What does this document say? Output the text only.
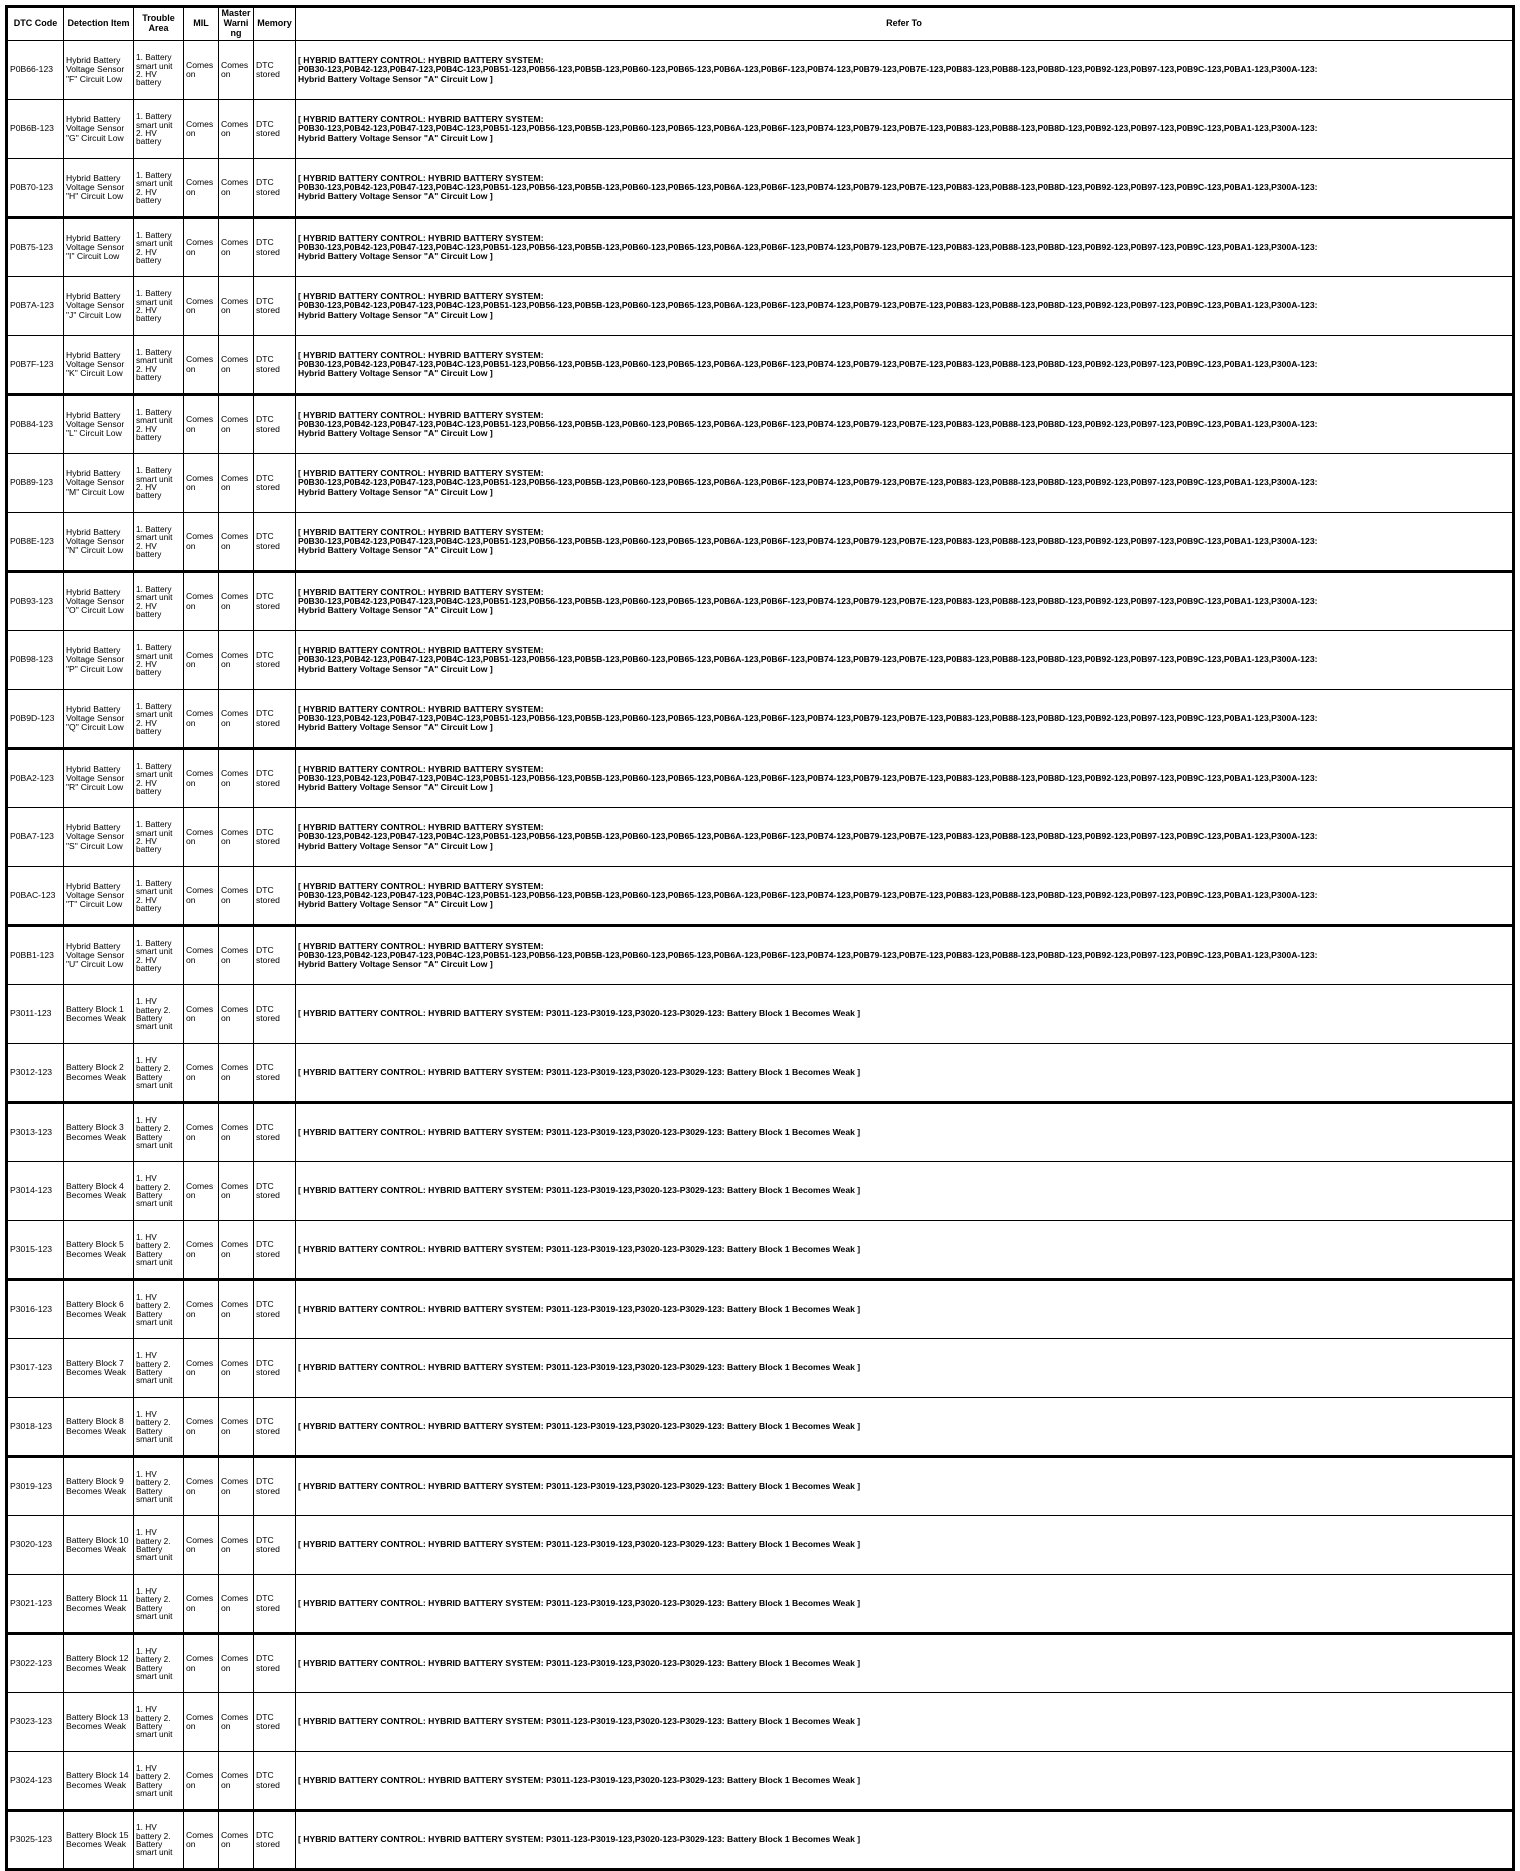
DTC Code	Detection Item	Trouble Area	MIL	Master Warning	Memory	Refer To
P0B66-123	Hybrid Battery Voltage Sensor "F" Circuit Low	1. Battery smart unit 2. HV battery	Comes on	Comes on	DTC stored	[ HYBRID BATTERY CONTROL: HYBRID BATTERY SYSTEM:
P0B30-123,P0B42-123,P0B47-123,P0B4C-123,P0B51-123,P0B56-123,P0B5B-123,P0B60-123,P0B65-123,P0B6A-123,P0B6F-123,P0B74-123,P0B79-123,P0B7E-123,P0B83-123,P0B88-123,P0B8D-123,P0B92-123,P0B97-123,P0B9C-123,P0BA1-123,P300A-123:
Hybrid Battery Voltage Sensor "A" Circuit Low ]

P0B6B-123	Hybrid Battery Voltage Sensor "G" Circuit Low	1. Battery smart unit 2. HV battery	Comes on	Comes on	DTC stored	[ HYBRID BATTERY CONTROL: HYBRID BATTERY SYSTEM:
P0B30-123,P0B42-123,P0B47-123,P0B4C-123,P0B51-123,P0B56-123,P0B5B-123,P0B60-123,P0B65-123,P0B6A-123,P0B6F-123,P0B74-123,P0B79-123,P0B7E-123,P0B83-123,P0B88-123,P0B8D-123,P0B92-123,P0B97-123,P0B9C-123,P0BA1-123,P300A-123:
Hybrid Battery Voltage Sensor "A" Circuit Low ]

P0B70-123	Hybrid Battery Voltage Sensor "H" Circuit Low	1. Battery smart unit 2. HV battery	Comes on	Comes on	DTC stored	[ HYBRID BATTERY CONTROL: HYBRID BATTERY SYSTEM:
P0B30-123,P0B42-123,P0B47-123,P0B4C-123,P0B51-123,P0B56-123,P0B5B-123,P0B60-123,P0B65-123,P0B6A-123,P0B6F-123,P0B74-123,P0B79-123,P0B7E-123,P0B83-123,P0B88-123,P0B8D-123,P0B92-123,P0B97-123,P0B9C-123,P0BA1-123,P300A-123:
Hybrid Battery Voltage Sensor "A" Circuit Low ]

P0B75-123	Hybrid Battery Voltage Sensor "I" Circuit Low	1. Battery smart unit 2. HV battery	Comes on	Comes on	DTC stored	[ HYBRID BATTERY CONTROL: HYBRID BATTERY SYSTEM:
P0B30-123,P0B42-123,P0B47-123,P0B4C-123,P0B51-123,P0B56-123,P0B5B-123,P0B60-123,P0B65-123,P0B6A-123,P0B6F-123,P0B74-123,P0B79-123,P0B7E-123,P0B83-123,P0B88-123,P0B8D-123,P0B92-123,P0B97-123,P0B9C-123,P0BA1-123,P300A-123:
Hybrid Battery Voltage Sensor "A" Circuit Low ]

P0B7A-123	Hybrid Battery Voltage Sensor "J" Circuit Low	1. Battery smart unit 2. HV battery	Comes on	Comes on	DTC stored	[ HYBRID BATTERY CONTROL: HYBRID BATTERY SYSTEM:
P0B30-123,P0B42-123,P0B47-123,P0B4C-123,P0B51-123,P0B56-123,P0B5B-123,P0B60-123,P0B65-123,P0B6A-123,P0B6F-123,P0B74-123,P0B79-123,P0B7E-123,P0B83-123,P0B88-123,P0B8D-123,P0B92-123,P0B97-123,P0B9C-123,P0BA1-123,P300A-123:
Hybrid Battery Voltage Sensor "A" Circuit Low ]

P0B7F-123	Hybrid Battery Voltage Sensor "K" Circuit Low	1. Battery smart unit 2. HV battery	Comes on	Comes on	DTC stored	[ HYBRID BATTERY CONTROL: HYBRID BATTERY SYSTEM:
P0B30-123,P0B42-123,P0B47-123,P0B4C-123,P0B51-123,P0B56-123,P0B5B-123,P0B60-123,P0B65-123,P0B6A-123,P0B6F-123,P0B74-123,P0B79-123,P0B7E-123,P0B83-123,P0B88-123,P0B8D-123,P0B92-123,P0B97-123,P0B9C-123,P0BA1-123,P300A-123:
Hybrid Battery Voltage Sensor "A" Circuit Low ]

P0B84-123	Hybrid Battery Voltage Sensor "L" Circuit Low	1. Battery smart unit 2. HV battery	Comes on	Comes on	DTC stored	[ HYBRID BATTERY CONTROL: HYBRID BATTERY SYSTEM:
P0B30-123,P0B42-123,P0B47-123,P0B4C-123,P0B51-123,P0B56-123,P0B5B-123,P0B60-123,P0B65-123,P0B6A-123,P0B6F-123,P0B74-123,P0B79-123,P0B7E-123,P0B83-123,P0B88-123,P0B8D-123,P0B92-123,P0B97-123,P0B9C-123,P0BA1-123,P300A-123:
Hybrid Battery Voltage Sensor "A" Circuit Low ]

P0B89-123	Hybrid Battery Voltage Sensor "M" Circuit Low	1. Battery smart unit 2. HV battery	Comes on	Comes on	DTC stored	[ HYBRID BATTERY CONTROL: HYBRID BATTERY SYSTEM:
P0B30-123,P0B42-123,P0B47-123,P0B4C-123,P0B51-123,P0B56-123,P0B5B-123,P0B60-123,P0B65-123,P0B6A-123,P0B6F-123,P0B74-123,P0B79-123,P0B7E-123,P0B83-123,P0B88-123,P0B8D-123,P0B92-123,P0B97-123,P0B9C-123,P0BA1-123,P300A-123:
Hybrid Battery Voltage Sensor "A" Circuit Low ]

P0B8E-123	Hybrid Battery Voltage Sensor "N" Circuit Low	1. Battery smart unit 2. HV battery	Comes on	Comes on	DTC stored	[ HYBRID BATTERY CONTROL: HYBRID BATTERY SYSTEM:
P0B30-123,P0B42-123,P0B47-123,P0B4C-123,P0B51-123,P0B56-123,P0B5B-123,P0B60-123,P0B65-123,P0B6A-123,P0B6F-123,P0B74-123,P0B79-123,P0B7E-123,P0B83-123,P0B88-123,P0B8D-123,P0B92-123,P0B97-123,P0B9C-123,P0BA1-123,P300A-123:
Hybrid Battery Voltage Sensor "A" Circuit Low ]

P0B93-123	Hybrid Battery Voltage Sensor "O" Circuit Low	1. Battery smart unit 2. HV battery	Comes on	Comes on	DTC stored	[ HYBRID BATTERY CONTROL: HYBRID BATTERY SYSTEM:
P0B30-123,P0B42-123,P0B47-123,P0B4C-123,P0B51-123,P0B56-123,P0B5B-123,P0B60-123,P0B65-123,P0B6A-123,P0B6F-123,P0B74-123,P0B79-123,P0B7E-123,P0B83-123,P0B88-123,P0B8D-123,P0B92-123,P0B97-123,P0B9C-123,P0BA1-123,P300A-123:
Hybrid Battery Voltage Sensor "A" Circuit Low ]

P0B98-123	Hybrid Battery Voltage Sensor "P" Circuit Low	1. Battery smart unit 2. HV battery	Comes on	Comes on	DTC stored	[ HYBRID BATTERY CONTROL: HYBRID BATTERY SYSTEM:
P0B30-123,P0B42-123,P0B47-123,P0B4C-123,P0B51-123,P0B56-123,P0B5B-123,P0B60-123,P0B65-123,P0B6A-123,P0B6F-123,P0B74-123,P0B79-123,P0B7E-123,P0B83-123,P0B88-123,P0B8D-123,P0B92-123,P0B97-123,P0B9C-123,P0BA1-123,P300A-123:
Hybrid Battery Voltage Sensor "A" Circuit Low ]

P0B9D-123	Hybrid Battery Voltage Sensor "Q" Circuit Low	1. Battery smart unit 2. HV battery	Comes on	Comes on	DTC stored	[ HYBRID BATTERY CONTROL: HYBRID BATTERY SYSTEM:
P0B30-123,P0B42-123,P0B47-123,P0B4C-123,P0B51-123,P0B56-123,P0B5B-123,P0B60-123,P0B65-123,P0B6A-123,P0B6F-123,P0B74-123,P0B79-123,P0B7E-123,P0B83-123,P0B88-123,P0B8D-123,P0B92-123,P0B97-123,P0B9C-123,P0BA1-123,P300A-123:
Hybrid Battery Voltage Sensor "A" Circuit Low ]

P0BA2-123	Hybrid Battery Voltage Sensor "R" Circuit Low	1. Battery smart unit 2. HV battery	Comes on	Comes on	DTC stored	[ HYBRID BATTERY CONTROL: HYBRID BATTERY SYSTEM:
P0B30-123,P0B42-123,P0B47-123,P0B4C-123,P0B51-123,P0B56-123,P0B5B-123,P0B60-123,P0B65-123,P0B6A-123,P0B6F-123,P0B74-123,P0B79-123,P0B7E-123,P0B83-123,P0B88-123,P0B8D-123,P0B92-123,P0B97-123,P0B9C-123,P0BA1-123,P300A-123:
Hybrid Battery Voltage Sensor "A" Circuit Low ]

P0BA7-123	Hybrid Battery Voltage Sensor "S" Circuit Low	1. Battery smart unit 2. HV battery	Comes on	Comes on	DTC stored	[ HYBRID BATTERY CONTROL: HYBRID BATTERY SYSTEM:
P0B30-123,P0B42-123,P0B47-123,P0B4C-123,P0B51-123,P0B56-123,P0B5B-123,P0B60-123,P0B65-123,P0B6A-123,P0B6F-123,P0B74-123,P0B79-123,P0B7E-123,P0B83-123,P0B88-123,P0B8D-123,P0B92-123,P0B97-123,P0B9C-123,P0BA1-123,P300A-123:
Hybrid Battery Voltage Sensor "A" Circuit Low ]

P0BAC-123	Hybrid Battery Voltage Sensor "T" Circuit Low	1. Battery smart unit 2. HV battery	Comes on	Comes on	DTC stored	[ HYBRID BATTERY CONTROL: HYBRID BATTERY SYSTEM:
P0B30-123,P0B42-123,P0B47-123,P0B4C-123,P0B51-123,P0B56-123,P0B5B-123,P0B60-123,P0B65-123,P0B6A-123,P0B6F-123,P0B74-123,P0B79-123,P0B7E-123,P0B83-123,P0B88-123,P0B8D-123,P0B92-123,P0B97-123,P0B9C-123,P0BA1-123,P300A-123:
Hybrid Battery Voltage Sensor "A" Circuit Low ]

P0BB1-123	Hybrid Battery Voltage Sensor "U" Circuit Low	1. Battery smart unit 2. HV battery	Comes on	Comes on	DTC stored	[ HYBRID BATTERY CONTROL: HYBRID BATTERY SYSTEM:
P0B30-123,P0B42-123,P0B47-123,P0B4C-123,P0B51-123,P0B56-123,P0B5B-123,P0B60-123,P0B65-123,P0B6A-123,P0B6F-123,P0B74-123,P0B79-123,P0B7E-123,P0B83-123,P0B88-123,P0B8D-123,P0B92-123,P0B97-123,P0B9C-123,P0BA1-123,P300A-123:
Hybrid Battery Voltage Sensor "A" Circuit Low ]

P3011-123	Battery Block 1 Becomes Weak	1. HV battery 2. Battery smart unit	Comes on	Comes on	DTC stored	[ HYBRID BATTERY CONTROL: HYBRID BATTERY SYSTEM: P3011-123-P3019-123,P3020-123-P3029-123: Battery Block 1 Becomes Weak ]

P3012-123	Battery Block 2 Becomes Weak	1. HV battery 2. Battery smart unit	Comes on	Comes on	DTC stored	[ HYBRID BATTERY CONTROL: HYBRID BATTERY SYSTEM: P3011-123-P3019-123,P3020-123-P3029-123: Battery Block 1 Becomes Weak ]

P3013-123	Battery Block 3 Becomes Weak	1. HV battery 2. Battery smart unit	Comes on	Comes on	DTC stored	[ HYBRID BATTERY CONTROL: HYBRID BATTERY SYSTEM: P3011-123-P3019-123,P3020-123-P3029-123: Battery Block 1 Becomes Weak ]

P3014-123	Battery Block 4 Becomes Weak	1. HV battery 2. Battery smart unit	Comes on	Comes on	DTC stored	[ HYBRID BATTERY CONTROL: HYBRID BATTERY SYSTEM: P3011-123-P3019-123,P3020-123-P3029-123: Battery Block 1 Becomes Weak ]

P3015-123	Battery Block 5 Becomes Weak	1. HV battery 2. Battery smart unit	Comes on	Comes on	DTC stored	[ HYBRID BATTERY CONTROL: HYBRID BATTERY SYSTEM: P3011-123-P3019-123,P3020-123-P3029-123: Battery Block 1 Becomes Weak ]

P3016-123	Battery Block 6 Becomes Weak	1. HV battery 2. Battery smart unit	Comes on	Comes on	DTC stored	[ HYBRID BATTERY CONTROL: HYBRID BATTERY SYSTEM: P3011-123-P3019-123,P3020-123-P3029-123: Battery Block 1 Becomes Weak ]

P3017-123	Battery Block 7 Becomes Weak	1. HV battery 2. Battery smart unit	Comes on	Comes on	DTC stored	[ HYBRID BATTERY CONTROL: HYBRID BATTERY SYSTEM: P3011-123-P3019-123,P3020-123-P3029-123: Battery Block 1 Becomes Weak ]

P3018-123	Battery Block 8 Becomes Weak	1. HV battery 2. Battery smart unit	Comes on	Comes on	DTC stored	[ HYBRID BATTERY CONTROL: HYBRID BATTERY SYSTEM: P3011-123-P3019-123,P3020-123-P3029-123: Battery Block 1 Becomes Weak ]

P3019-123	Battery Block 9 Becomes Weak	1. HV battery 2. Battery smart unit	Comes on	Comes on	DTC stored	[ HYBRID BATTERY CONTROL: HYBRID BATTERY SYSTEM: P3011-123-P3019-123,P3020-123-P3029-123: Battery Block 1 Becomes Weak ]

P3020-123	Battery Block 10 Becomes Weak	1. HV battery 2. Battery smart unit	Comes on	Comes on	DTC stored	[ HYBRID BATTERY CONTROL: HYBRID BATTERY SYSTEM: P3011-123-P3019-123,P3020-123-P3029-123: Battery Block 1 Becomes Weak ]

P3021-123	Battery Block 11 Becomes Weak	1. HV battery 2. Battery smart unit	Comes on	Comes on	DTC stored	[ HYBRID BATTERY CONTROL: HYBRID BATTERY SYSTEM: P3011-123-P3019-123,P3020-123-P3029-123: Battery Block 1 Becomes Weak ]

P3022-123	Battery Block 12 Becomes Weak	1. HV battery 2. Battery smart unit	Comes on	Comes on	DTC stored	[ HYBRID BATTERY CONTROL: HYBRID BATTERY SYSTEM: P3011-123-P3019-123,P3020-123-P3029-123: Battery Block 1 Becomes Weak ]

P3023-123	Battery Block 13 Becomes Weak	1. HV battery 2. Battery smart unit	Comes on	Comes on	DTC stored	[ HYBRID BATTERY CONTROL: HYBRID BATTERY SYSTEM: P3011-123-P3019-123,P3020-123-P3029-123: Battery Block 1 Becomes Weak ]

P3024-123	Battery Block 14 Becomes Weak	1. HV battery 2. Battery smart unit	Comes on	Comes on	DTC stored	[ HYBRID BATTERY CONTROL: HYBRID BATTERY SYSTEM: P3011-123-P3019-123,P3020-123-P3029-123: Battery Block 1 Becomes Weak ]

P3025-123	Battery Block 15 Becomes Weak	1. HV battery 2. Battery smart unit	Comes on	Comes on	DTC stored	[ HYBRID BATTERY CONTROL: HYBRID BATTERY SYSTEM: P3011-123-P3019-123,P3020-123-P3029-123: Battery Block 1 Becomes Weak ]
